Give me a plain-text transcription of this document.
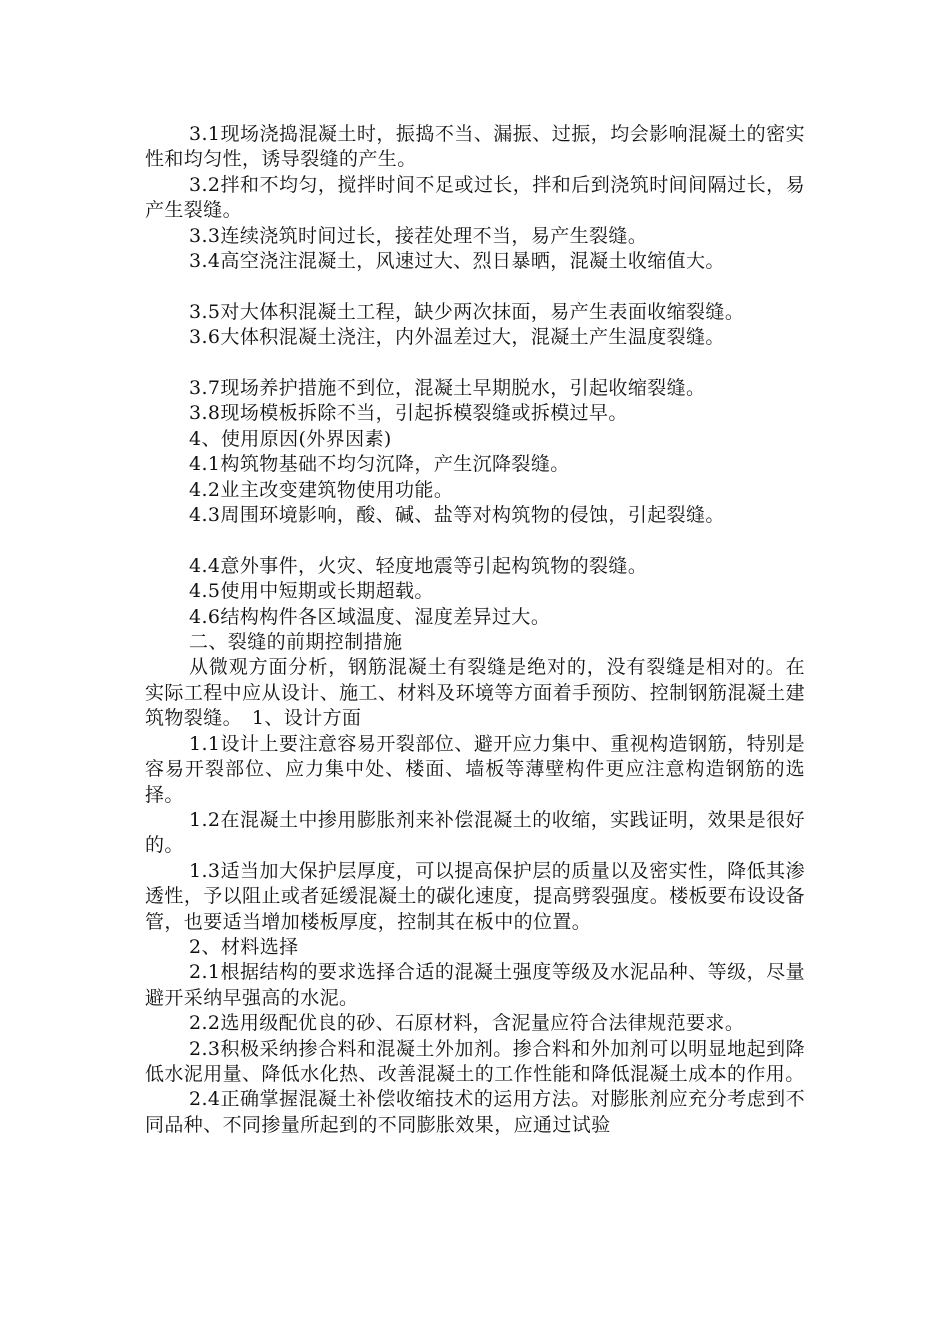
3.1现场浇捣混凝土时，振捣不当、漏振、过振，均会影响混凝土的密实性和均匀性，诱导裂缝的产生。

3.2拌和不均匀，搅拌时间不足或过长，拌和后到浇筑时间间隔过长，易产生裂缝。

3.3连续浇筑时间过长，接茬处理不当，易产生裂缝。

3.4高空浇注混凝土，风速过大、烈日暴晒，混凝土收缩值大。

3.5对大体积混凝土工程，缺少两次抹面，易产生表面收缩裂缝。

3.6大体积混凝土浇注，内外温差过大，混凝土产生温度裂缝。

3.7现场养护措施不到位，混凝土早期脱水，引起收缩裂缝。

3.8现场模板拆除不当，引起拆模裂缝或拆模过早。

4、使用原因(外界因素)

4.1构筑物基础不均匀沉降，产生沉降裂缝。

4.2业主改变建筑物使用功能。

4.3周围环境影响，酸、碱、盐等对构筑物的侵蚀，引起裂缝。

4.4意外事件，火灾、轻度地震等引起构筑物的裂缝。

4.5使用中短期或长期超载。

4.6结构构件各区域温度、湿度差异过大。

二、裂缝的前期控制措施

从微观方面分析，钢筋混凝土有裂缝是绝对的，没有裂缝是相对的。在实际工程中应从设计、施工、材料及环境等方面着手预防、控制钢筋混凝土建筑物裂缝。　1、设计方面

1.1设计上要注意容易开裂部位、避开应力集中、重视构造钢筋，特别是容易开裂部位、应力集中处、楼面、墙板等薄壁构件更应注意构造钢筋的选择。

1.2在混凝土中掺用膨胀剂来补偿混凝土的收缩，实践证明，效果是很好的。

1.3适当加大保护层厚度，可以提高保护层的质量以及密实性，降低其渗透性，予以阻止或者延缓混凝土的碳化速度，提高劈裂强度。楼板要布设设备管，也要适当增加楼板厚度，控制其在板中的位置。

2、材料选择

2.1根据结构的要求选择合适的混凝土强度等级及水泥品种、等级，尽量避开采纳早强高的水泥。

2.2选用级配优良的砂、石原材料，含泥量应符合法律规范要求。

2.3积极采纳掺合料和混凝土外加剂。掺合料和外加剂可以明显地起到降低水泥用量、降低水化热、改善混凝土的工作性能和降低混凝土成本的作用。

2.4正确掌握混凝土补偿收缩技术的运用方法。对膨胀剂应充分考虑到不同品种、不同掺量所起到的不同膨胀效果，应通过试验
